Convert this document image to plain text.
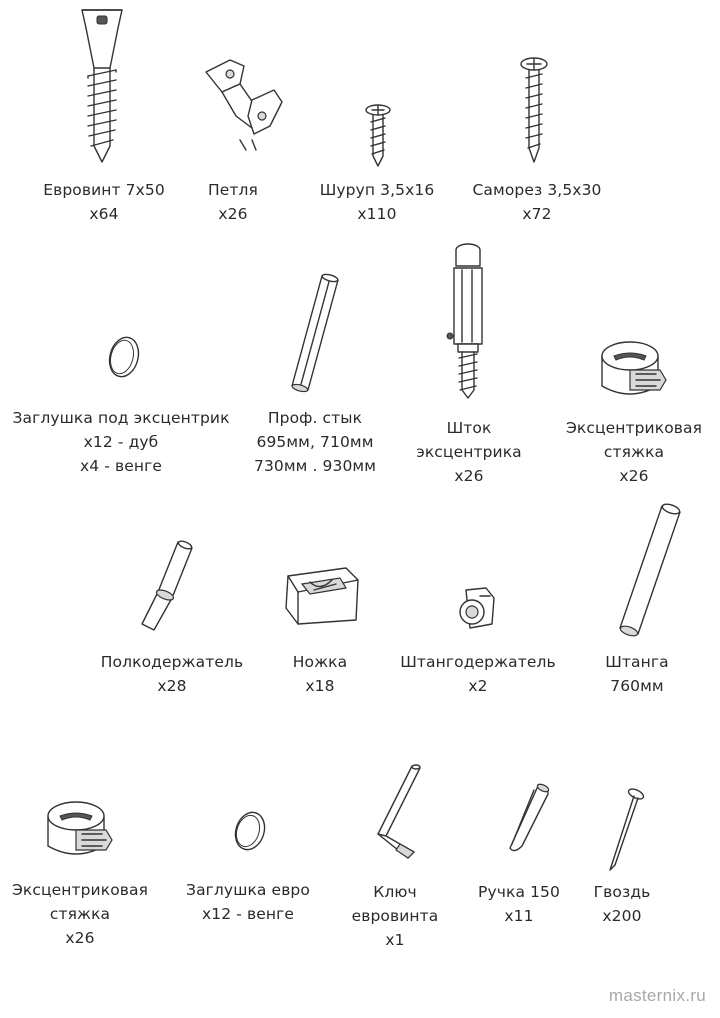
Евровинт 7х50
х64
Петля
х26
Шуруп 3,5х16
х110
Саморез 3,5х30
х72
Заглушка под эксцентрик
х12 - дуб
х4 - венге
Проф. стык
695мм, 710мм
730мм . 930мм
Шток
эксцентрика
х26
Эксцентриковая
стяжка
х26
Полкодержатель
х28
Ножка
х18
Штангодержатель
х2
Штанга
760мм
Эксцентриковая
стяжка
х26
Заглушка евро
х12 - венге
Ключ
евровинта
х1
Ручка 150
х11
Гвоздь
х200
masternix.ru
